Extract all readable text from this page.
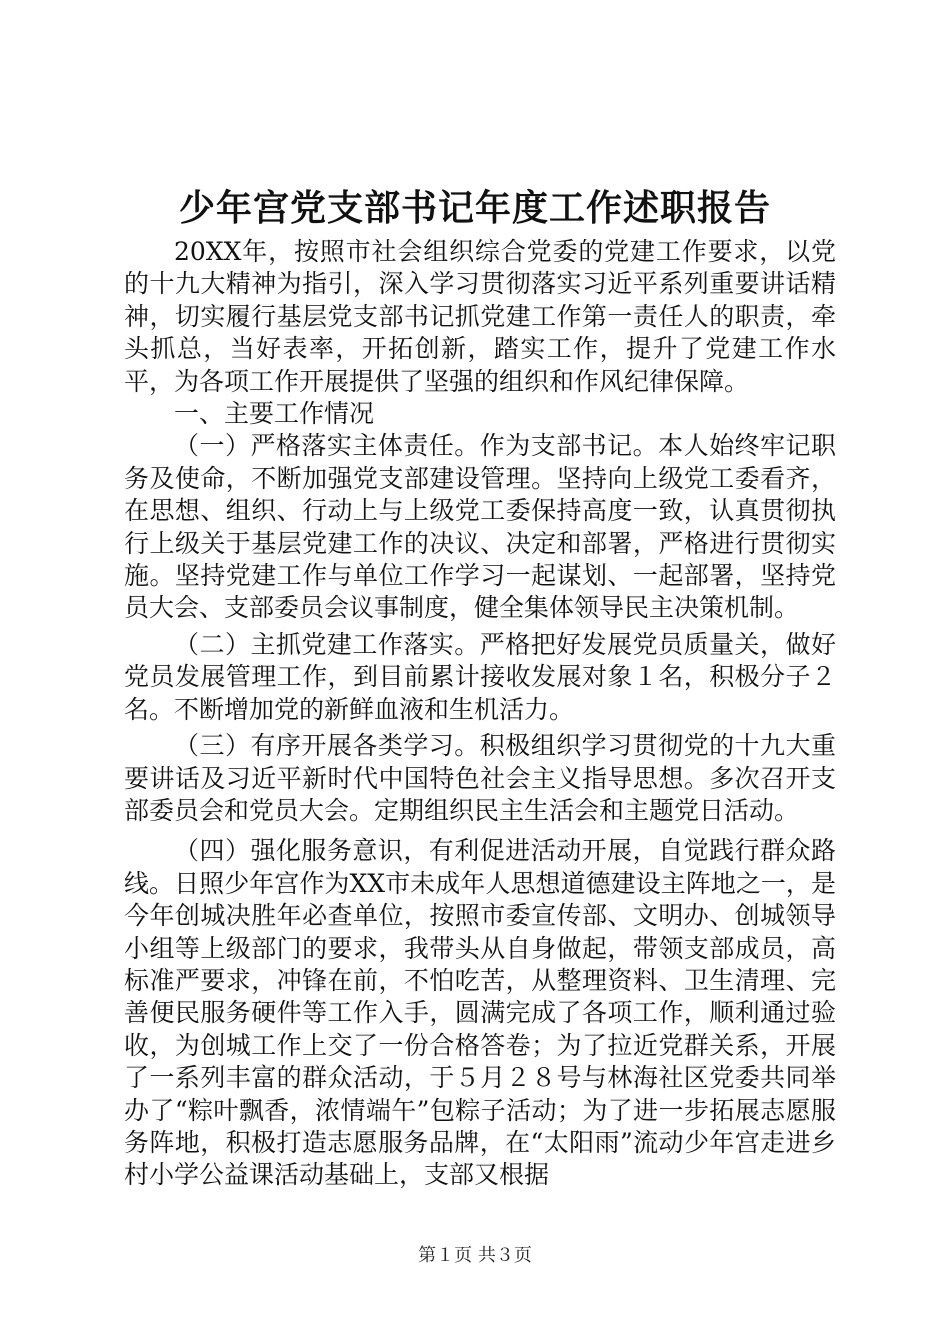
少年宫党支部书记年度工作述职报告

20XX年，按照市社会组织综合党委的党建工作要求，以党的十九大精神为指引，深入学习贯彻落实习近平系列重要讲话精神，切实履行基层党支部书记抓党建工作第一责任人的职责，牵头抓总，当好表率，开拓创新，踏实工作，提升了党建工作水平，为各项工作开展提供了坚强的组织和作风纪律保障。

一、主要工作情况

（一）严格落实主体责任。作为支部书记。本人始终牢记职务及使命，不断加强党支部建设管理。坚持向上级党工委看齐，在思想、组织、行动上与上级党工委保持高度一致，认真贯彻执行上级关于基层党建工作的决议、决定和部署，严格进行贯彻实施。坚持党建工作与单位工作学习一起谋划、一起部署，坚持党员大会、支部委员会议事制度，健全集体领导民主决策机制。

（二）主抓党建工作落实。严格把好发展党员质量关，做好党员发展管理工作，到目前累计接收发展对象１名，积极分子２名。不断增加党的新鲜血液和生机活力。

（三）有序开展各类学习。积极组织学习贯彻党的十九大重要讲话及习近平新时代中国特色社会主义指导思想。多次召开支部委员会和党员大会。定期组织民主生活会和主题党日活动。

（四）强化服务意识，有利促进活动开展，自觉践行群众路线。日照少年宫作为XX市未成年人思想道德建设主阵地之一，是今年创城决胜年必查单位，按照市委宣传部、文明办、创城领导小组等上级部门的要求，我带头从自身做起，带领支部成员，高标准严要求，冲锋在前，不怕吃苦，从整理资料、卫生清理、完善便民服务硬件等工作入手，圆满完成了各项工作，顺利通过验收，为创城工作上交了一份合格答卷；为了拉近党群关系，开展了一系列丰富的群众活动，于５月２８号与林海社区党委共同举办了“粽叶飘香，浓情端午”包粽子活动；为了进一步拓展志愿服务阵地，积极打造志愿服务品牌，在“太阳雨”流动少年宫走进乡村小学公益课活动基础上，支部又根据

第１页 共３页
